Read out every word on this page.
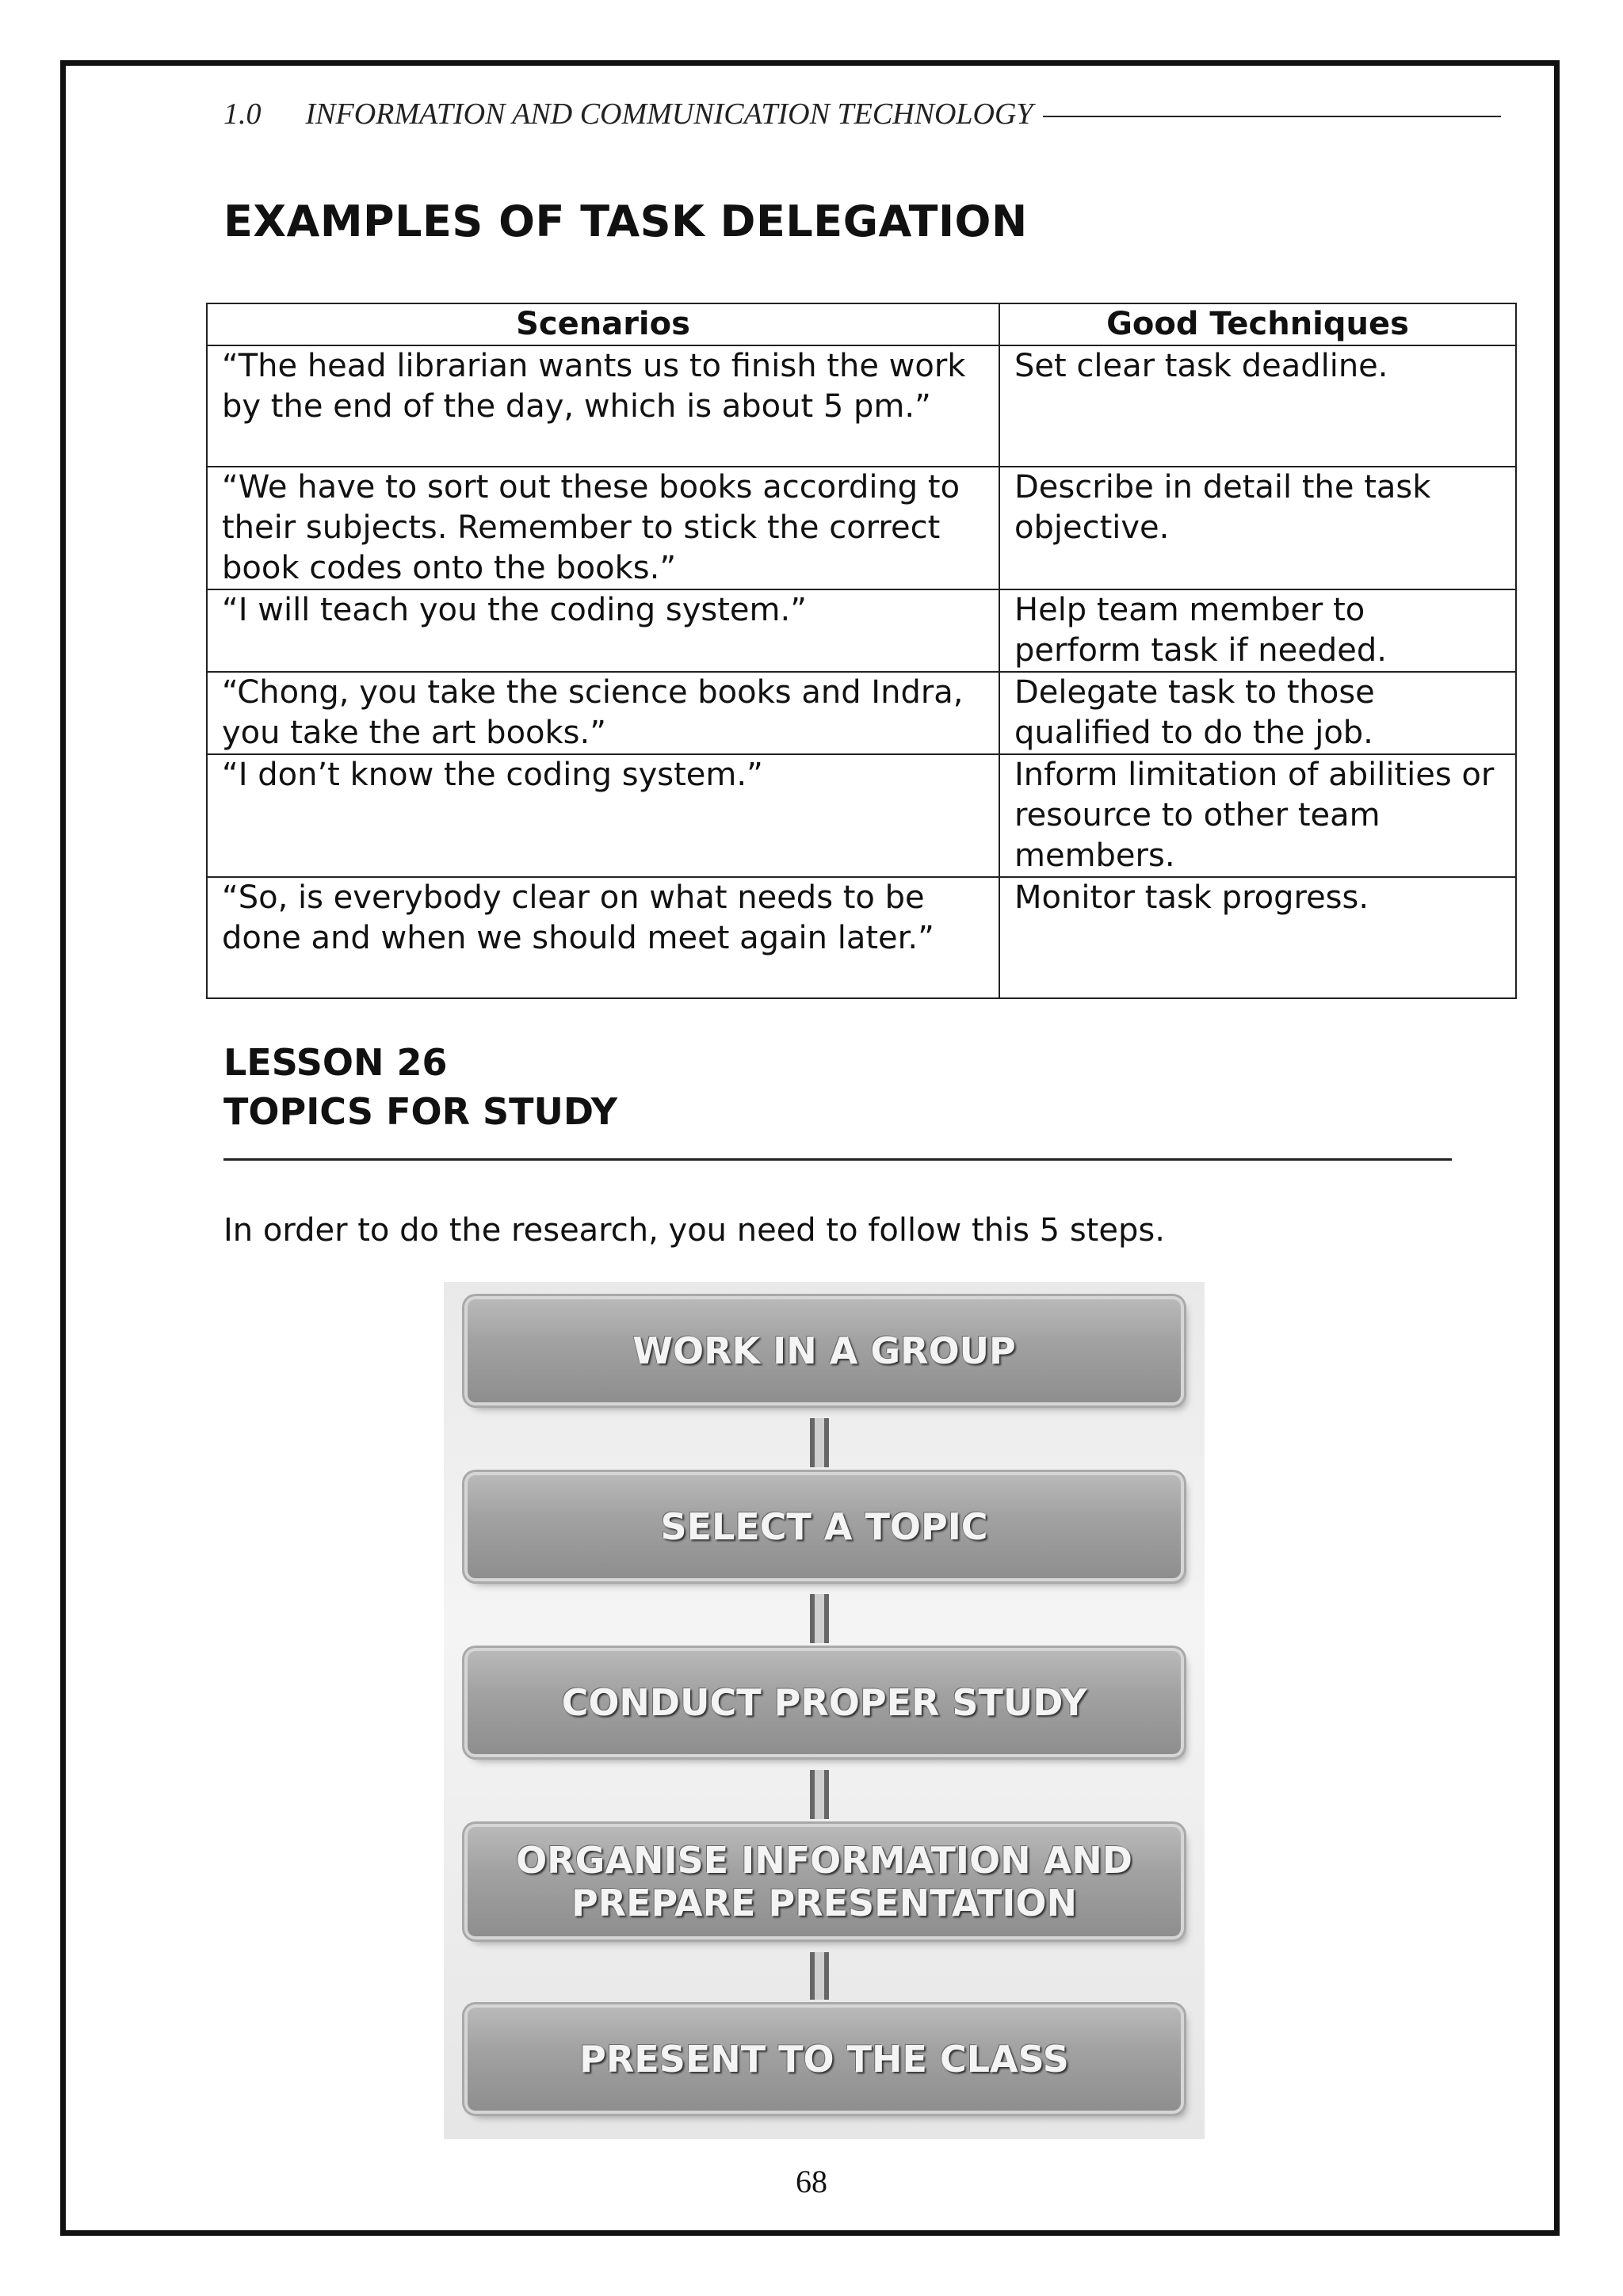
1.0 INFORMATION AND COMMUNICATION TECHNOLOGY
EXAMPLES OF TASK DELEGATION
Scenarios	Good Techniques
“The head librarian wants us to finish the work by the end of the day, which is about 5 pm.”	Set clear task deadline.
“We have to sort out these books according to their subjects. Remember to stick the correct book codes onto the books.”	Describe in detail the task objective.
“I will teach you the coding system.”	Help team member to perform task if needed.
“Chong, you take the science books and Indra, you take the art books.”	Delegate task to those qualified to do the job.
“I don’t know the coding system.”	Inform limitation of abilities or resource to other team members.
“So, is everybody clear on what needs to be done and when we should meet again later.”	Monitor task progress.
LESSON 26
TOPICS FOR STUDY
In order to do the research, you need to follow this 5 steps.
WORK IN A GROUP
SELECT A TOPIC
CONDUCT PROPER STUDY
ORGANISE INFORMATION AND PREPARE PRESENTATION
PRESENT TO THE CLASS
68
